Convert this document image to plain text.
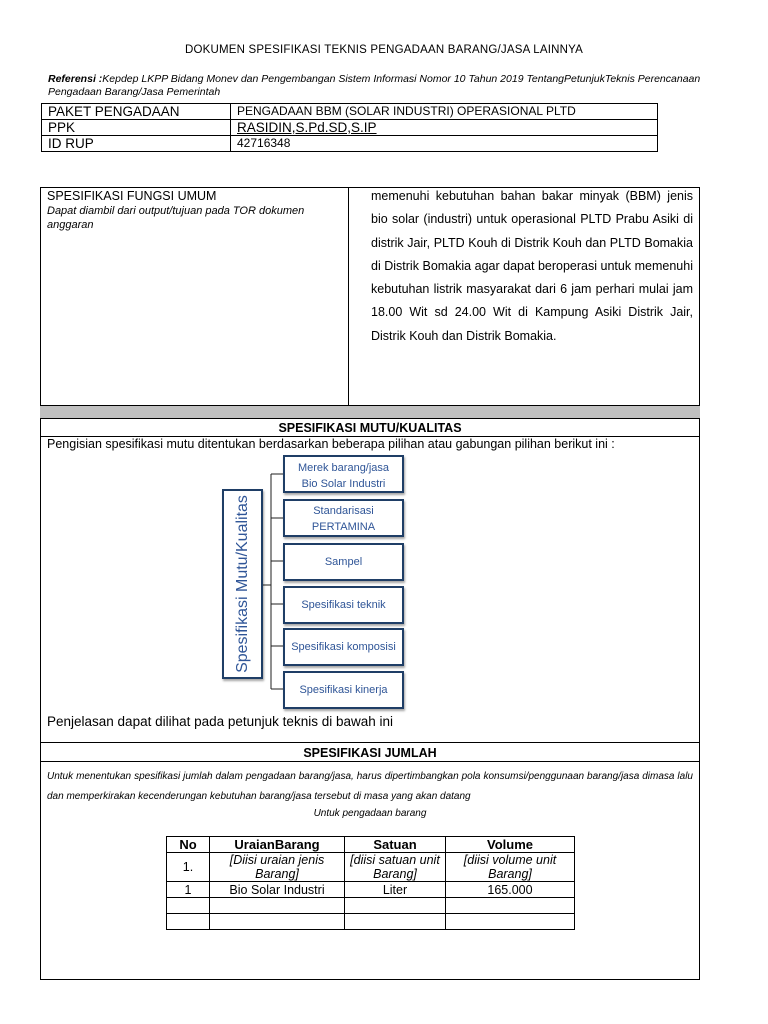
DOKUMEN SPESIFIKASI TEKNIS PENGADAAN BARANG/JASA LAINNYA
Referensi :Kepdep LKPP Bidang Monev dan Pengembangan Sistem Informasi Nomor 10 Tahun 2019 TentangPetunjukTeknis Perencanaan Pengadaan Barang/Jasa Pemerintah
PAKET PENGADAAN	PENGADAAN BBM (SOLAR INDUSTRI) OPERASIONAL PLTD
PPK	RASIDIN,S.Pd.SD,S.IP
ID RUP	42716348
SPESIFIKASI FUNGSI UMUM
Dapat diambil dari output/tujuan pada TOR dokumen anggaran
memenuhi kebutuhan bahan bakar minyak (BBM) jenis bio solar (industri) untuk operasional PLTD Prabu Asiki di distrik Jair, PLTD Kouh di Distrik Kouh dan PLTD Bomakia di Distrik Bomakia agar dapat beroperasi untuk memenuhi kebutuhan listrik masyarakat dari 6 jam perhari mulai jam 18.00 Wit sd 24.00 Wit di Kampung Asiki Distrik Jair, Distrik Kouh dan Distrik Bomakia.
SPESIFIKASI MUTU/KUALITAS
Pengisian spesifikasi mutu ditentukan berdasarkan beberapa pilihan atau gabungan pilihan berikut ini :
Spesifikasi Mutu/Kualitas
Merek barang/jasa
Bio Solar Industri
Standarisasi
PERTAMINA
Sampel
Spesifikasi teknik
Spesifikasi komposisi
Spesifikasi kinerja
Penjelasan dapat dilihat pada petunjuk teknis di bawah ini
SPESIFIKASI JUMLAH
Untuk menentukan spesifikasi jumlah dalam pengadaan barang/jasa, harus dipertimbangkan pola konsumsi/penggunaan barang/jasa dimasa lalu dan memperkirakan kecenderungan kebutuhan barang/jasa tersebut di masa yang akan datang
Untuk pengadaan barang
No	UraianBarang	Satuan	Volume
1.	[Diisi uraian jenis Barang]	[diisi satuan unit Barang]	[diisi volume unit Barang]
1	Bio Solar Industri	Liter	165.000
